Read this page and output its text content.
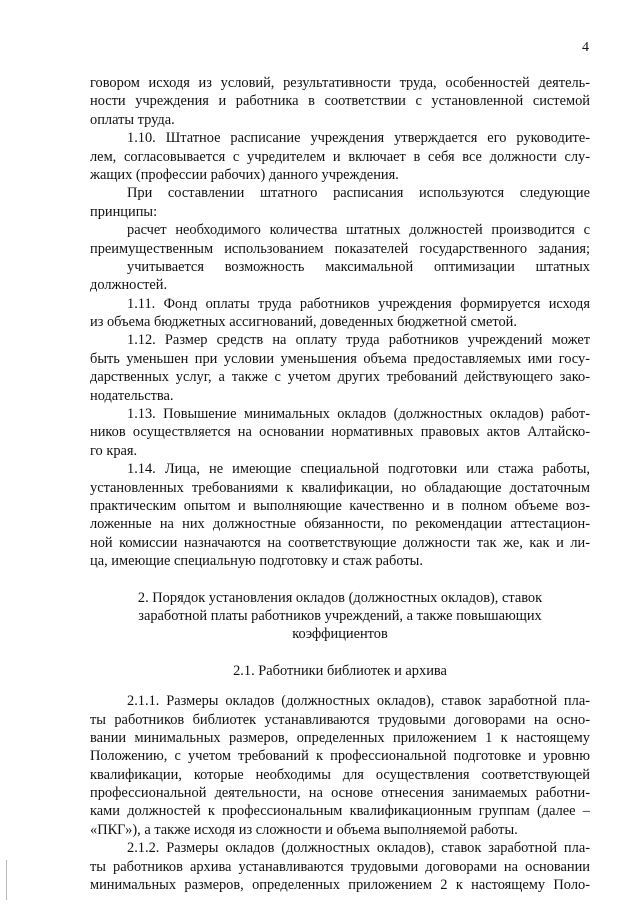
4
говором исходя из условий, результативности труда, особенностей деятель-
ности учреждения и работника в соответствии с установленной системой
оплаты труда.
1.10. Штатное расписание учреждения утверждается его руководите-
лем, согласовывается с учредителем и включает в себя все должности слу-
жащих (профессии рабочих) данного учреждения.
При составлении штатного расписания используются следующие
принципы:
расчет необходимого количества штатных должностей производится с
преимущественным использованием показателей государственного задания;
учитывается возможность максимальной оптимизации штатных
должностей.
1.11. Фонд оплаты труда работников учреждения формируется исходя
из объема бюджетных ассигнований, доведенных бюджетной сметой.
1.12. Размер средств на оплату труда работников учреждений может
быть уменьшен при условии уменьшения объема предоставляемых ими госу-
дарственных услуг, а также с учетом других требований действующего зако-
нодательства.
1.13. Повышение минимальных окладов (должностных окладов) работ-
ников осуществляется на основании нормативных правовых актов Алтайско-
го края.
1.14. Лица, не имеющие специальной подготовки или стажа работы,
установленных требованиями к квалификации, но обладающие достаточным
практическим опытом и выполняющие качественно и в полном объеме воз-
ложенные на них должностные обязанности, по рекомендации аттестацион-
ной комиссии назначаются на соответствующие должности так же, как и ли-
ца, имеющие специальную подготовку и стаж работы.
2. Порядок установления окладов (должностных окладов), ставок
заработной платы работников учреждений, а также повышающих
коэффициентов
2.1. Работники библиотек и архива
2.1.1. Размеры окладов (должностных окладов), ставок заработной пла-
ты работников библиотек устанавливаются трудовыми договорами на осно-
вании минимальных размеров, определенных приложением 1 к настоящему
Положению, с учетом требований к профессиональной подготовке и уровню
квалификации, которые необходимы для осуществления соответствующей
профессиональной деятельности, на основе отнесения занимаемых работни-
ками должностей к профессиональным квалификационным группам (далее –
«ПКГ»), а также исходя из сложности и объема выполняемой работы.
2.1.2. Размеры окладов (должностных окладов), ставок заработной пла-
ты работников архива устанавливаются трудовыми договорами на основании
минимальных размеров, определенных приложением 2 к настоящему Поло-
